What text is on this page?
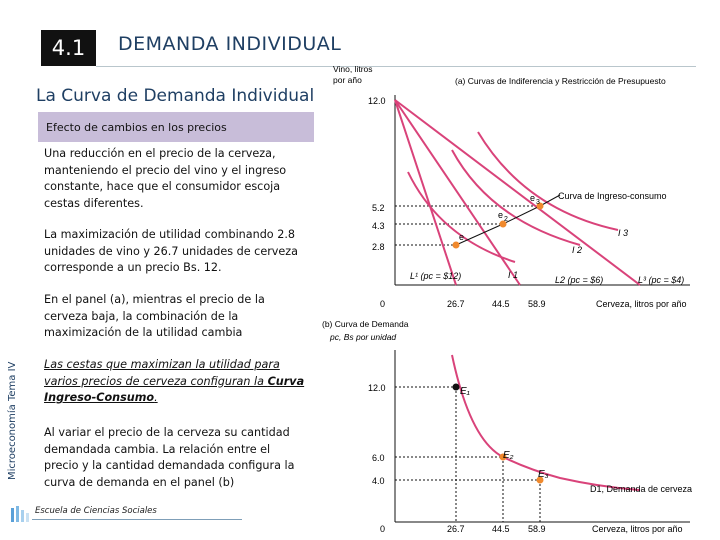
4.1 DEMANDA INDIVIDUAL
La Curva de Demanda Individual
Efecto de cambios en los precios
Una reducción en el precio de la cerveza, manteniendo el precio del vino y el ingreso constante, hace que el consumidor escoja cestas diferentes.
La maximización de utilidad combinando 2.8 unidades de vino y 26.7 unidades de cerveza corresponde a un precio Bs. 12.
En el panel (a), mientras el precio de la cerveza baja, la combinación de la maximización de la utilidad cambia
Las cestas que maximizan la utilidad para varios precios de cerveza configuran la Curva Ingreso-Consumo.
Al variar el precio de la cerveza su cantidad demandada cambia. La relación entre el precio y la cantidad demandada configura la curva de demanda en el panel (b)
Microeconomía Tema IV
Escuela de Ciencias Sociales
Vino, litros
por año	(a) Curvas de Indiferencia y Restricción de Presupuesto
12.0
5.2
4.3
2.8
e
e 2
e 3
Curva de Ingreso-consumo
I 3
I 2
I 1
L¹ (pᴄ = $12)	L2 (pᴄ = $6)	L³ (pᴄ = $4)
0	26.7	44.5 58.9	Cerveza, litros por año
(b) Curva de Demanda
pc, Bs por unidad
12.0
6.0
4.0
E₁
E₂
E₃
D1, Demanda de cerveza
0	26.7	44.5 58.9	Cerveza, litros por año
